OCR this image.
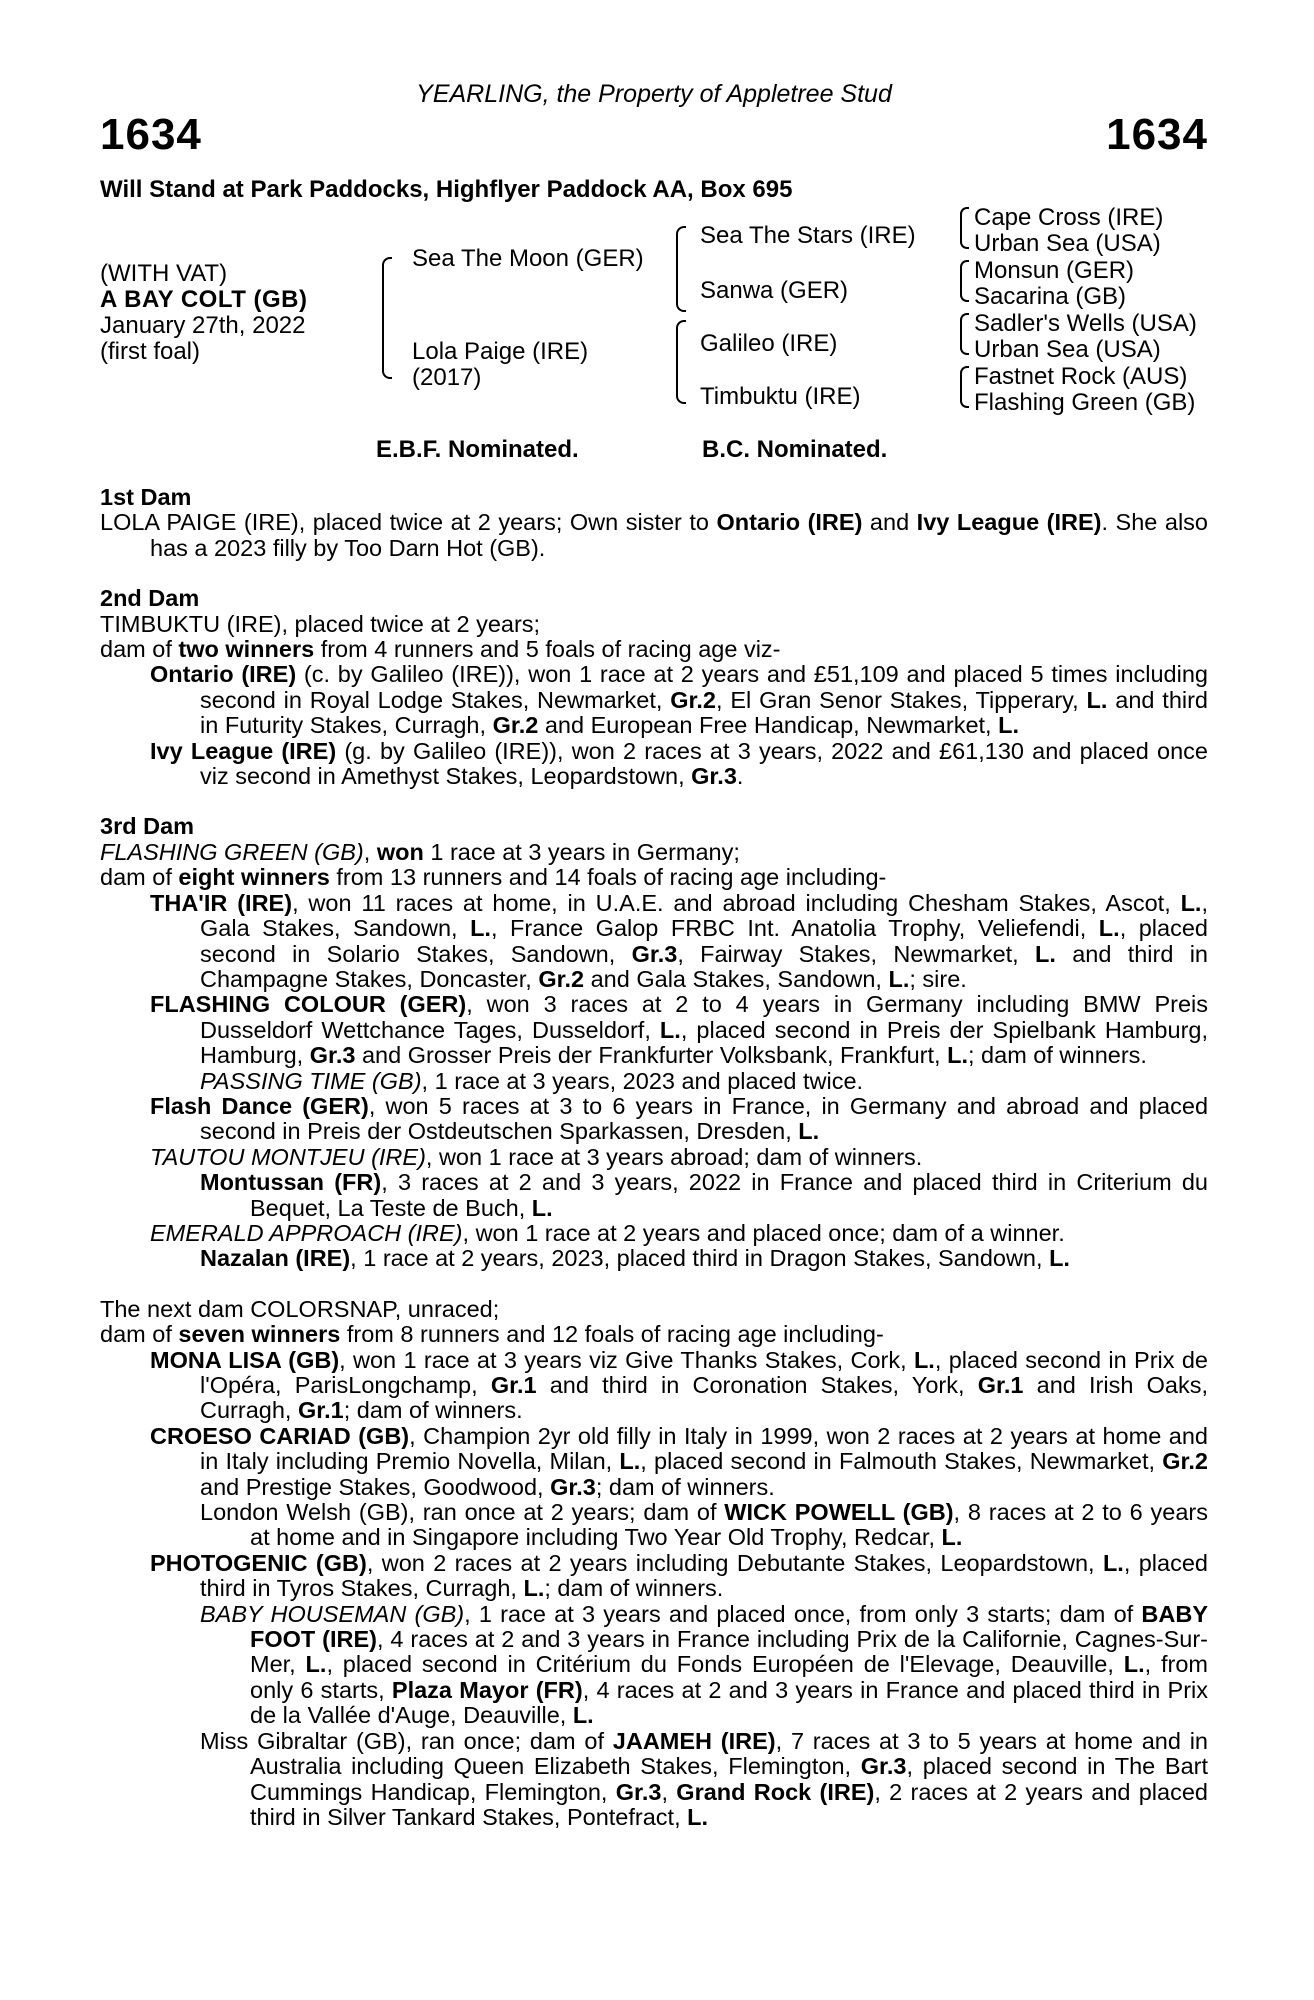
YEARLING, the Property of Appletree Stud
1634	1634
Will Stand at Park Paddocks, Highflyer Paddock AA, Box 695
(WITH VAT)
A BAY COLT (GB)
January 27th, 2022
(first foal)
Sea The Moon (GER)
Lola Paige (IRE)
(2017)
Sea The Stars (IRE)
Sanwa (GER)
Galileo (IRE)
Timbuktu (IRE)
Cape Cross (IRE)
Urban Sea (USA)
Monsun (GER)
Sacarina (GB)
Sadler's Wells (USA)
Urban Sea (USA)
Fastnet Rock (AUS)
Flashing Green (GB)
E.B.F. Nominated.	B.C. Nominated.
1st Dam

LOLA PAIGE (IRE), placed twice at 2 years; Own sister to Ontario (IRE) and Ivy League (IRE). She also has a 2023 filly by Too Darn Hot (GB).

2nd Dam

TIMBUKTU (IRE), placed twice at 2 years;

dam of two winners from 4 runners and 5 foals of racing age viz-

Ontario (IRE) (c. by Galileo (IRE)), won 1 race at 2 years and £51,109 and placed 5 times including second in Royal Lodge Stakes, Newmarket, Gr.2, El Gran Senor Stakes, Tipperary, L. and third in Futurity Stakes, Curragh, Gr.2 and European Free Handicap, Newmarket, L.

Ivy League (IRE) (g. by Galileo (IRE)), won 2 races at 3 years, 2022 and £61,130 and placed once viz second in Amethyst Stakes, Leopardstown, Gr.3.

3rd Dam

FLASHING GREEN (GB), won 1 race at 3 years in Germany;

dam of eight winners from 13 runners and 14 foals of racing age including-

THA'IR (IRE), won 11 races at home, in U.A.E. and abroad including Chesham Stakes, Ascot, L., Gala Stakes, Sandown, L., France Galop FRBC Int. Anatolia Trophy, Veliefendi, L., placed second in Solario Stakes, Sandown, Gr.3, Fairway Stakes, Newmarket, L. and third in Champagne Stakes, Doncaster, Gr.2 and Gala Stakes, Sandown, L.; sire.

FLASHING COLOUR (GER), won 3 races at 2 to 4 years in Germany including BMW Preis Dusseldorf Wettchance Tages, Dusseldorf, L., placed second in Preis der Spielbank Hamburg, Hamburg, Gr.3 and Grosser Preis der Frankfurter Volksbank, Frankfurt, L.; dam of winners.

PASSING TIME (GB), 1 race at 3 years, 2023 and placed twice.

Flash Dance (GER), won 5 races at 3 to 6 years in France, in Germany and abroad and placed second in Preis der Ostdeutschen Sparkassen, Dresden, L.

TAUTOU MONTJEU (IRE), won 1 race at 3 years abroad; dam of winners.

Montussan (FR), 3 races at 2 and 3 years, 2022 in France and placed third in Criterium du Bequet, La Teste de Buch, L.

EMERALD APPROACH (IRE), won 1 race at 2 years and placed once; dam of a winner.

Nazalan (IRE), 1 race at 2 years, 2023, placed third in Dragon Stakes, Sandown, L.

The next dam COLORSNAP, unraced;

dam of seven winners from 8 runners and 12 foals of racing age including-

MONA LISA (GB), won 1 race at 3 years viz Give Thanks Stakes, Cork, L., placed second in Prix de l'Opéra, ParisLongchamp, Gr.1 and third in Coronation Stakes, York, Gr.1 and Irish Oaks, Curragh, Gr.1; dam of winners.

CROESO CARIAD (GB), Champion 2yr old filly in Italy in 1999, won 2 races at 2 years at home and in Italy including Premio Novella, Milan, L., placed second in Falmouth Stakes, Newmarket, Gr.2 and Prestige Stakes, Goodwood, Gr.3; dam of winners.

London Welsh (GB), ran once at 2 years; dam of WICK POWELL (GB), 8 races at 2 to 6 years at home and in Singapore including Two Year Old Trophy, Redcar, L.

PHOTOGENIC (GB), won 2 races at 2 years including Debutante Stakes, Leopardstown, L., placed third in Tyros Stakes, Curragh, L.; dam of winners.

BABY HOUSEMAN (GB), 1 race at 3 years and placed once, from only 3 starts; dam of BABY FOOT (IRE), 4 races at 2 and 3 years in France including Prix de la Californie, Cagnes-Sur-Mer, L., placed second in Critérium du Fonds Européen de l'Elevage, Deauville, L., from only 6 starts, Plaza Mayor (FR), 4 races at 2 and 3 years in France and placed third in Prix de la Vallée d'Auge, Deauville, L.

Miss Gibraltar (GB), ran once; dam of JAAMEH (IRE), 7 races at 3 to 5 years at home and in Australia including Queen Elizabeth Stakes, Flemington, Gr.3, placed second in The Bart Cummings Handicap, Flemington, Gr.3, Grand Rock (IRE), 2 races at 2 years and placed third in Silver Tankard Stakes, Pontefract, L.
